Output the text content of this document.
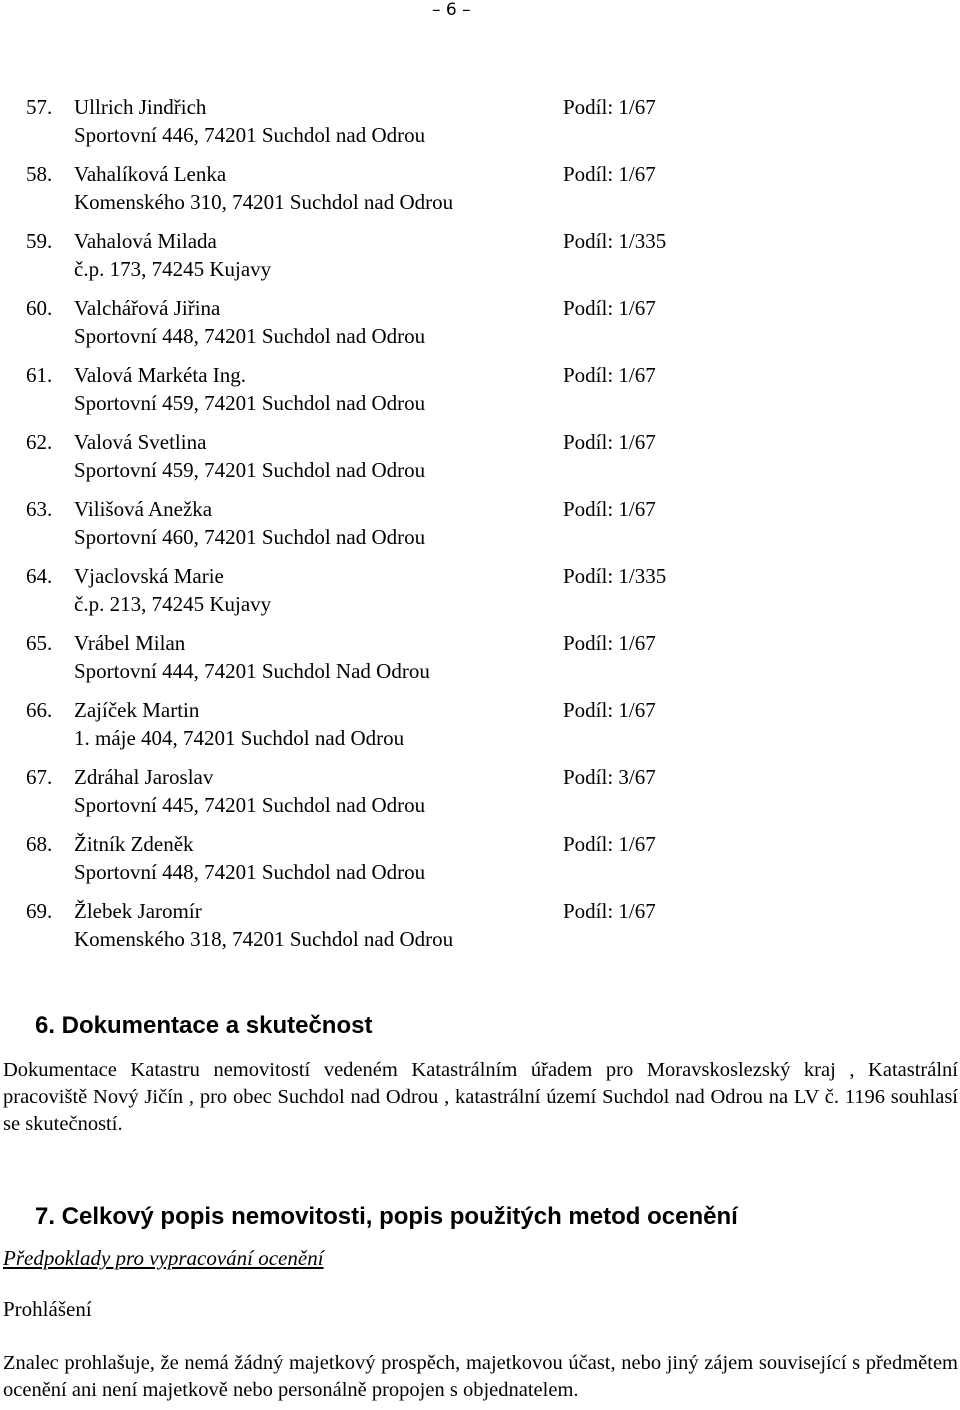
– 6 –
57. Ullrich Jindřich	Podíl: 1/67
Sportovní 446, 74201 Suchdol nad Odrou
58. Vahalíková Lenka	Podíl: 1/67
Komenského 310, 74201 Suchdol nad Odrou
59. Vahalová Milada	Podíl: 1/335
č.p. 173, 74245 Kujavy
60. Valchářová Jiřina	Podíl: 1/67
Sportovní 448, 74201 Suchdol nad Odrou
61. Valová Markéta Ing.	Podíl: 1/67
Sportovní 459, 74201 Suchdol nad Odrou
62. Valová Svetlina	Podíl: 1/67
Sportovní 459, 74201 Suchdol nad Odrou
63. Vilišová Anežka	Podíl: 1/67
Sportovní 460, 74201 Suchdol nad Odrou
64. Vjaclovská Marie	Podíl: 1/335
č.p. 213, 74245 Kujavy
65. Vrábel Milan	Podíl: 1/67
Sportovní 444, 74201 Suchdol Nad Odrou
66. Zajíček Martin	Podíl: 1/67
1. máje 404, 74201 Suchdol nad Odrou
67. Zdráhal Jaroslav	Podíl: 3/67
Sportovní 445, 74201 Suchdol nad Odrou
68. Žitník Zdeněk	Podíl: 1/67
Sportovní 448, 74201 Suchdol nad Odrou
69. Žlebek Jaromír	Podíl: 1/67
Komenského 318, 74201 Suchdol nad Odrou
6. Dokumentace a skutečnost
Dokumentace Katastru nemovitostí vedeném Katastrálním úřadem pro Moravskoslezský kraj , Katastrální pracoviště Nový Jičín , pro obec Suchdol nad Odrou , katastrální území Suchdol nad Odrou na LV č. 1196 souhlasí se skutečností.
7. Celkový popis nemovitosti, popis použitých metod ocenění
Předpoklady pro vypracování ocenění
Prohlášení
Znalec prohlašuje, že nemá žádný majetkový prospěch, majetkovou účast, nebo jiný zájem související s předmětem ocenění ani není majetkově nebo personálně propojen s objednatelem.
